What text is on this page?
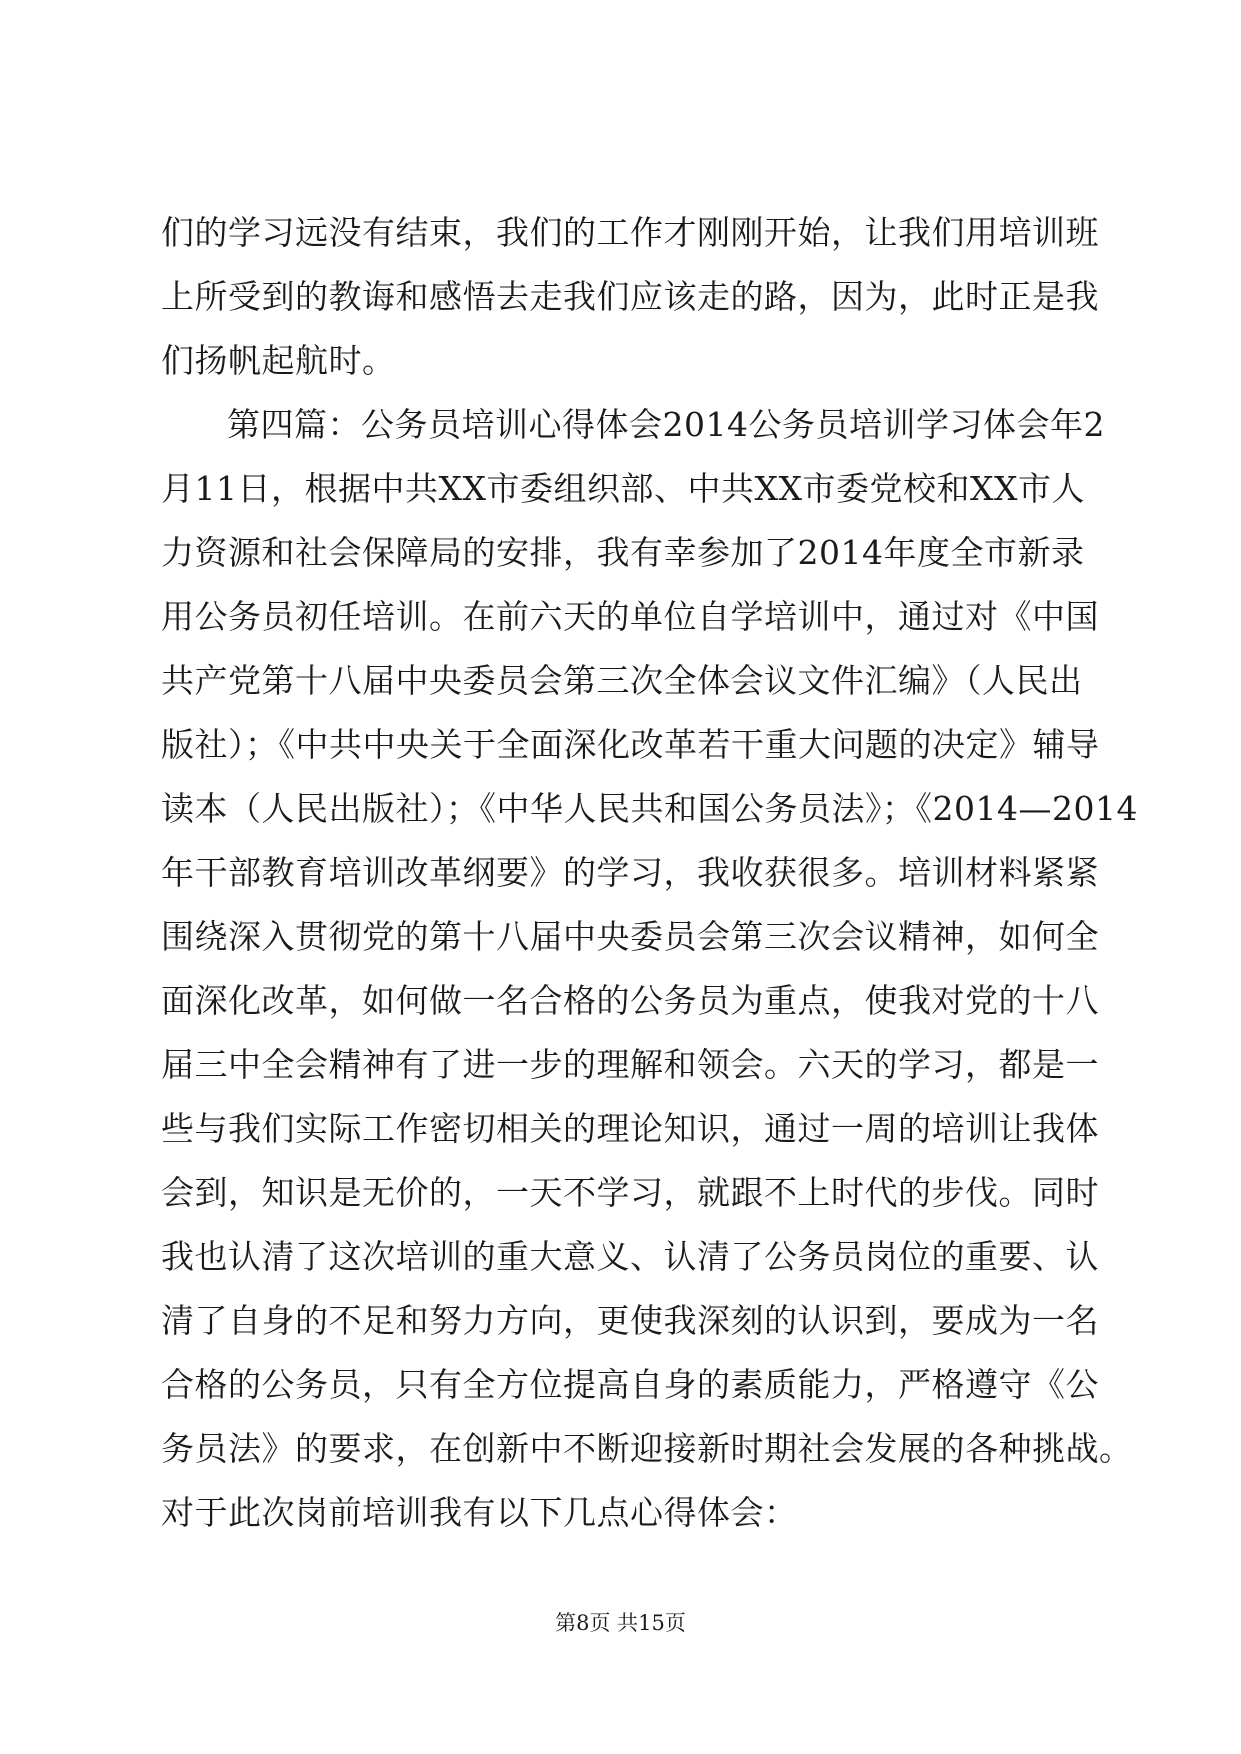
们的学习远没有结束，我们的工作才刚刚开始，让我们用培训班
上所受到的教诲和感悟去走我们应该走的路，因为，此时正是我
们扬帆起航时。
第四篇：公务员培训心得体会2014公务员培训学习体会年2
月11日，根据中共XX市委组织部、中共XX市委党校和XX市人
力资源和社会保障局的安排，我有幸参加了2014年度全市新录
用公务员初任培训。在前六天的单位自学培训中，通过对《中国
共产党第十八届中央委员会第三次全体会议文件汇编》（人民出
版社）；《中共中央关于全面深化改革若干重大问题的决定》辅导
读本（人民出版社）；《中华人民共和国公务员法》；《2014—2014
年干部教育培训改革纲要》的学习，我收获很多。培训材料紧紧
围绕深入贯彻党的第十八届中央委员会第三次会议精神，如何全
面深化改革，如何做一名合格的公务员为重点，使我对党的十八
届三中全会精神有了进一步的理解和领会。六天的学习，都是一
些与我们实际工作密切相关的理论知识，通过一周的培训让我体
会到，知识是无价的，一天不学习，就跟不上时代的步伐。同时
我也认清了这次培训的重大意义、认清了公务员岗位的重要、认
清了自身的不足和努力方向，更使我深刻的认识到，要成为一名
合格的公务员，只有全方位提高自身的素质能力，严格遵守《公
务员法》的要求，在创新中不断迎接新时期社会发展的各种挑战。
对于此次岗前培训我有以下几点心得体会：
第8页 共15页
